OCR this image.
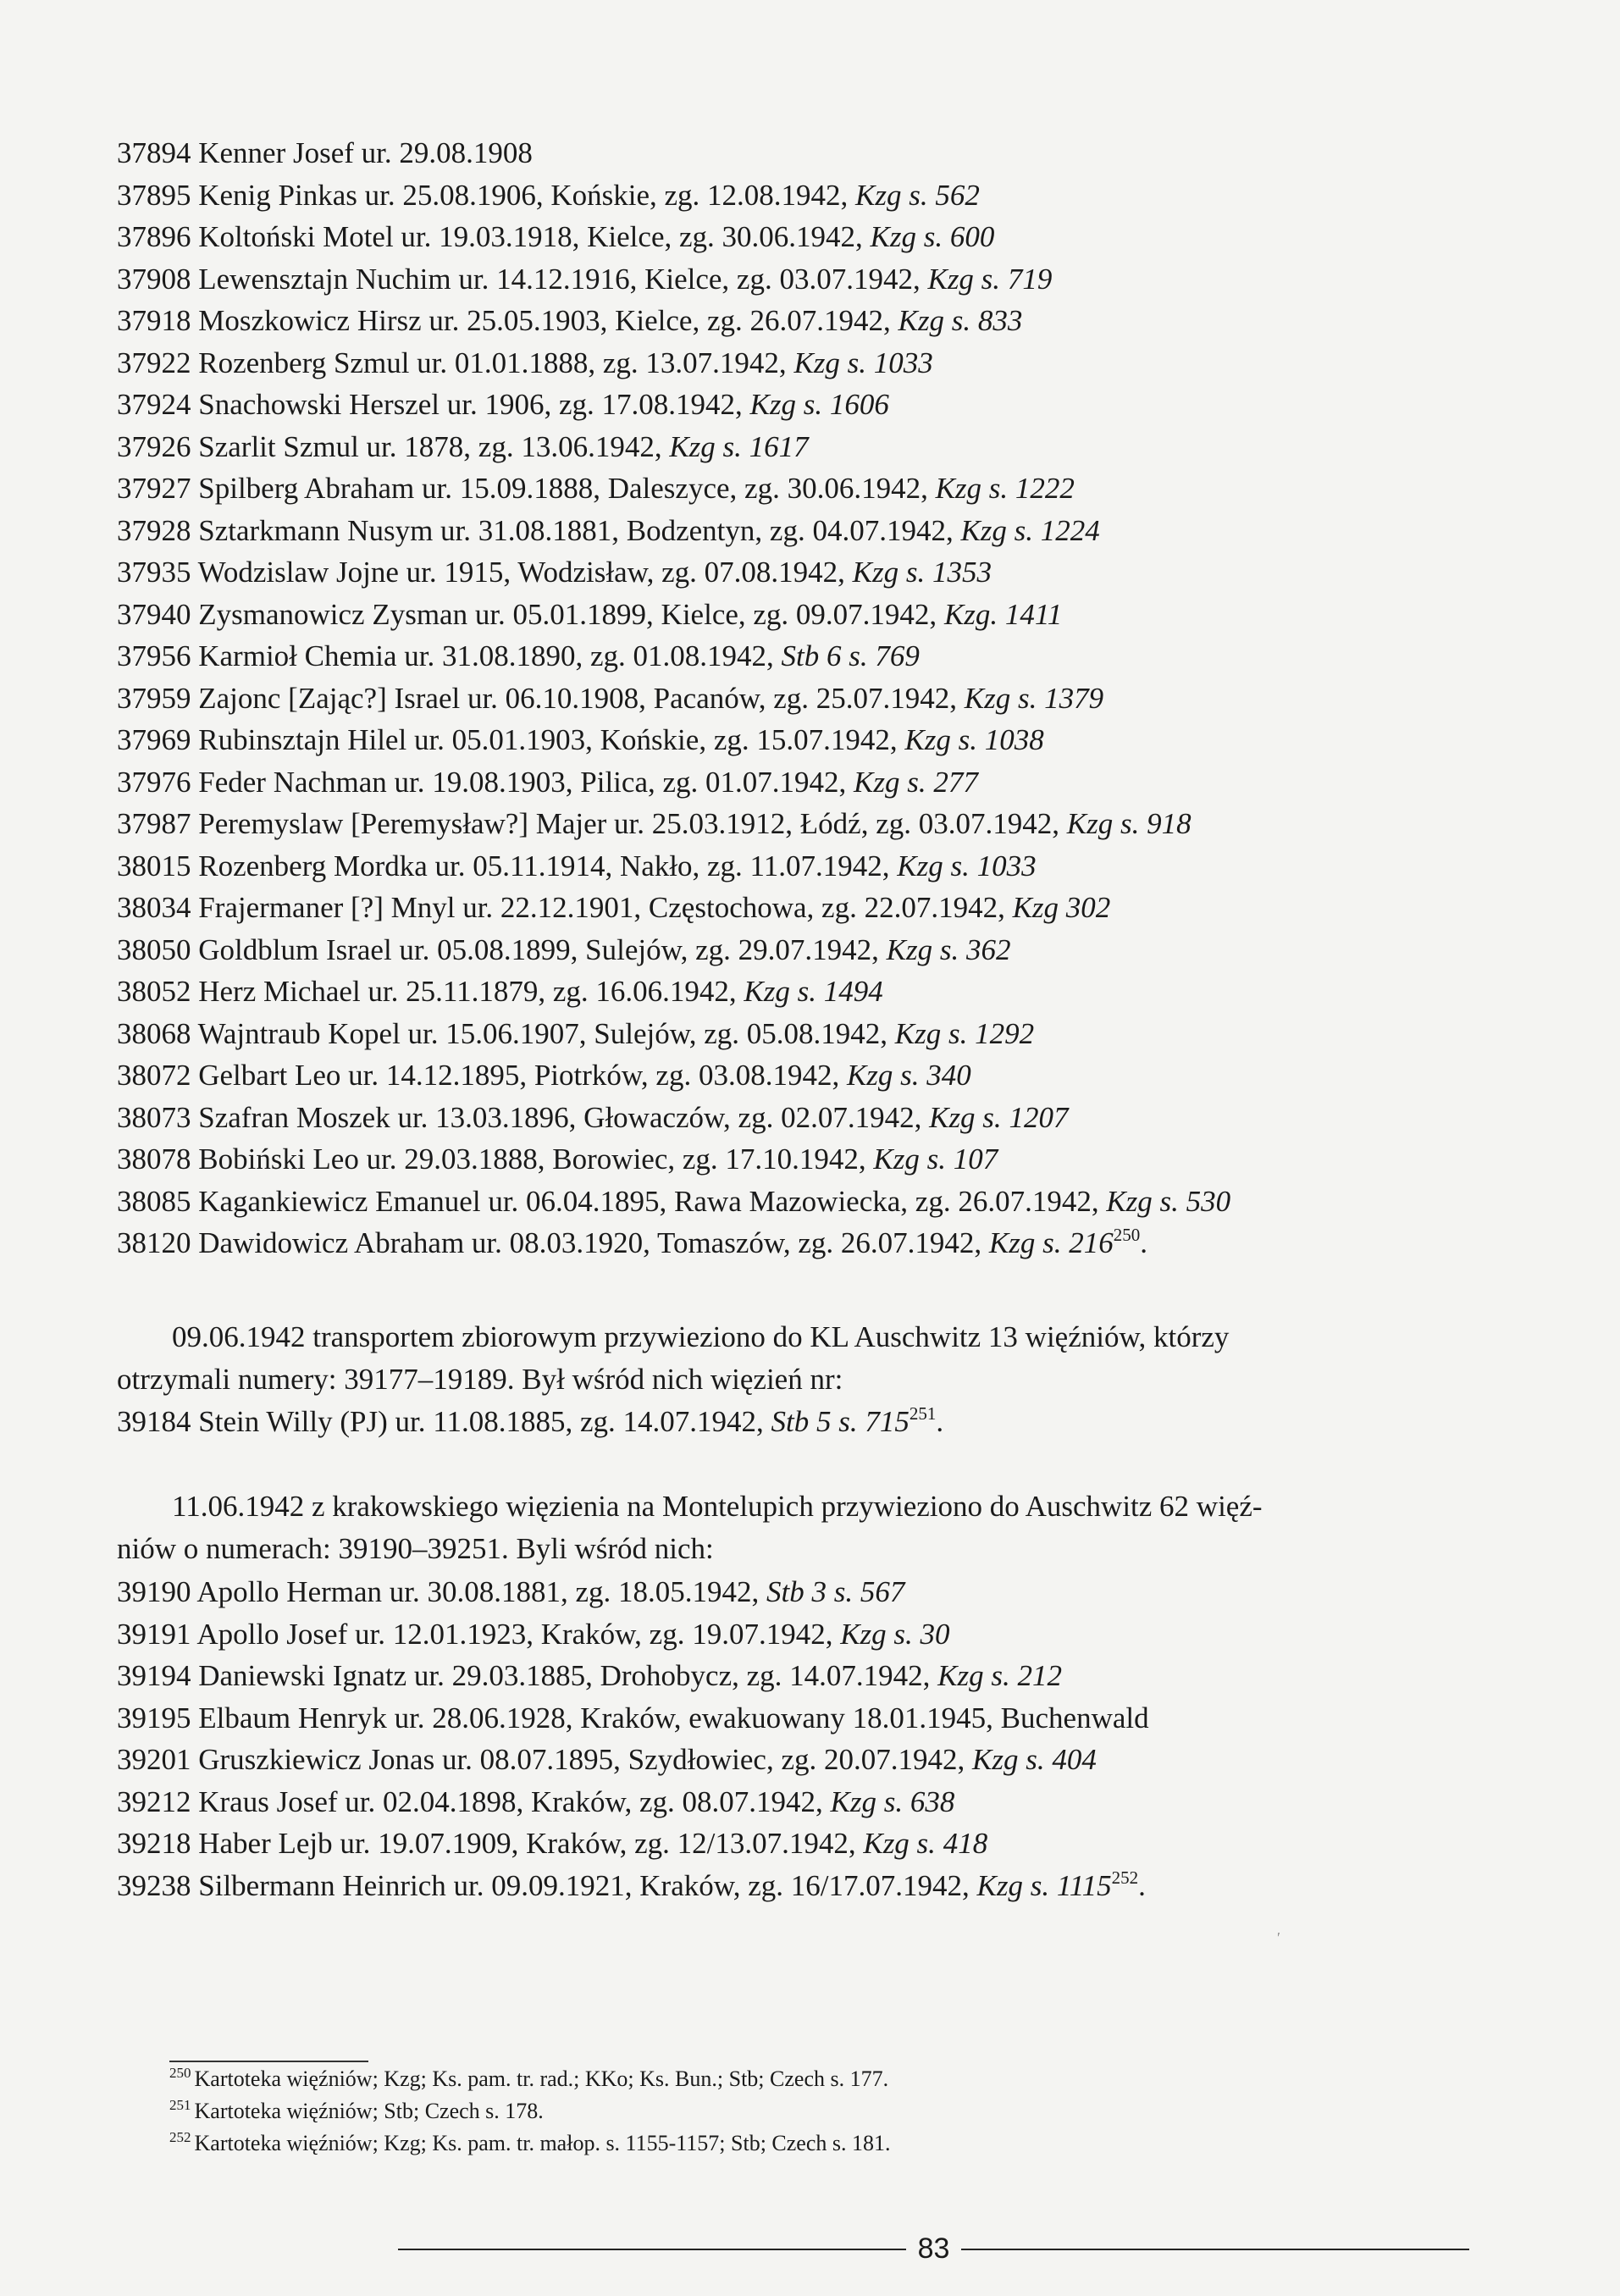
37894 Kenner Josef ur. 29.08.1908
37895 Kenig Pinkas ur. 25.08.1906, Końskie, zg. 12.08.1942, Kzg s. 562
37896 Koltoński Motel ur. 19.03.1918, Kielce, zg. 30.06.1942, Kzg s. 600
37908 Lewensztajn Nuchim ur. 14.12.1916, Kielce, zg. 03.07.1942, Kzg s. 719
37918 Moszkowicz Hirsz ur. 25.05.1903, Kielce, zg. 26.07.1942, Kzg s. 833
37922 Rozenberg Szmul ur. 01.01.1888, zg. 13.07.1942, Kzg s. 1033
37924 Snachowski Herszel ur. 1906, zg. 17.08.1942, Kzg s. 1606
37926 Szarlit Szmul ur. 1878, zg. 13.06.1942, Kzg s. 1617
37927 Spilberg Abraham ur. 15.09.1888, Daleszyce, zg. 30.06.1942, Kzg s. 1222
37928 Sztarkmann Nusym ur. 31.08.1881, Bodzentyn, zg. 04.07.1942, Kzg s. 1224
37935 Wodzislaw Jojne ur. 1915, Wodzisław, zg. 07.08.1942, Kzg s. 1353
37940 Zysmanowicz Zysman ur. 05.01.1899, Kielce, zg. 09.07.1942, Kzg. 1411
37956 Karmioł Chemia ur. 31.08.1890, zg. 01.08.1942, Stb 6 s. 769
37959 Zajonc [Zając?] Israel ur. 06.10.1908, Pacanów, zg. 25.07.1942, Kzg s. 1379
37969 Rubinsztajn Hilel ur. 05.01.1903, Końskie, zg. 15.07.1942, Kzg s. 1038
37976 Feder Nachman ur. 19.08.1903, Pilica, zg. 01.07.1942, Kzg s. 277
37987 Peremyslaw [Peremysław?] Majer ur. 25.03.1912, Łódź, zg. 03.07.1942, Kzg s. 918
38015 Rozenberg Mordka ur. 05.11.1914, Nakło, zg. 11.07.1942, Kzg s. 1033
38034 Frajermaner [?] Mnyl ur. 22.12.1901, Częstochowa, zg. 22.07.1942, Kzg 302
38050 Goldblum Israel ur. 05.08.1899, Sulejów, zg. 29.07.1942, Kzg s. 362
38052 Herz Michael ur. 25.11.1879, zg. 16.06.1942, Kzg s. 1494
38068 Wajntraub Kopel ur. 15.06.1907, Sulejów, zg. 05.08.1942, Kzg s. 1292
38072 Gelbart Leo ur. 14.12.1895, Piotrków, zg. 03.08.1942, Kzg s. 340
38073 Szafran Moszek ur. 13.03.1896, Głowaczów, zg. 02.07.1942, Kzg s. 1207
38078 Bobiński Leo ur. 29.03.1888, Borowiec, zg. 17.10.1942, Kzg s. 107
38085 Kagankiewicz Emanuel ur. 06.04.1895, Rawa Mazowiecka, zg. 26.07.1942, Kzg s. 530
38120 Dawidowicz Abraham ur. 08.03.1920, Tomaszów, zg. 26.07.1942, Kzg s. $216^{250}$.
09.06.1942 transportem zbiorowym przywieziono do KL Auschwitz 13 więźniów, którzy
otrzymali numery: 39177–19189. Był wśród nich więzień nr:
39184 Stein Willy (PJ) ur. 11.08.1885, zg. 14.07.1942, Stb 5 s. $715^{251}$.
11.06.1942 z krakowskiego więzienia na Montelupich przywieziono do Auschwitz 62 więź-
niów o numerach: 39190–39251. Byli wśród nich:
39190 Apollo Herman ur. 30.08.1881, zg. 18.05.1942, Stb 3 s. 567
39191 Apollo Josef ur. 12.01.1923, Kraków, zg. 19.07.1942, Kzg s. 30
39194 Daniewski Ignatz ur. 29.03.1885, Drohobycz, zg. 14.07.1942, Kzg s. 212
39195 Elbaum Henryk ur. 28.06.1928, Kraków, ewakuowany 18.01.1945, Buchenwald
39201 Gruszkiewicz Jonas ur. 08.07.1895, Szydłowiec, zg. 20.07.1942, Kzg s. 404
39212 Kraus Josef ur. 02.04.1898, Kraków, zg. 08.07.1942, Kzg s. 638
39218 Haber Lejb ur. 19.07.1909, Kraków, zg. 12/13.07.1942, Kzg s. 418
39238 Silbermann Heinrich ur. 09.09.1921, Kraków, zg. 16/17.07.1942, Kzg s. 1115$^{252}$.
′
$^{250}$ Kartoteka więźniów; Kzg; Ks. pam. tr. rad.; KKo; Ks. Bun.; Stb; Czech s. 177.
$^{251}$ Kartoteka więźniów; Stb; Czech s. 178.
$^{252}$ Kartoteka więźniów; Kzg; Ks. pam. tr. małop. s. 1155-1157; Stb; Czech s. 181.
83
